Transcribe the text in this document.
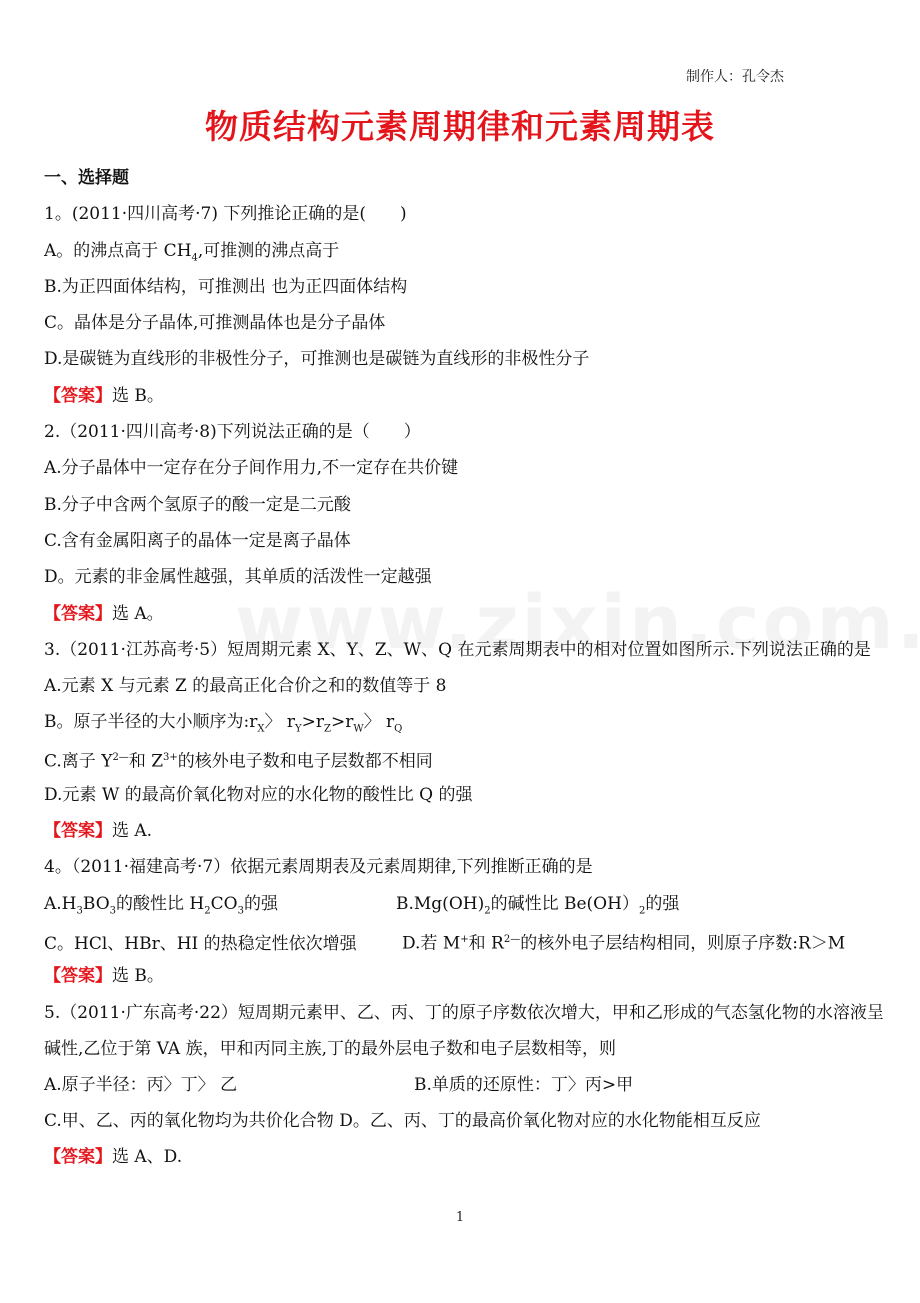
制作人：孔令杰
物质结构元素周期律和元素周期表
一、选择题
1。(2011·四川高考·7) 下列推论正确的是(　　)
A。的沸点高于 $CH_4$,可推测的沸点高于
B.为正四面体结构，可推测出 也为正四面体结构
C。晶体是分子晶体,可推测晶体也是分子晶体
D.是碳链为直线形的非极性分子，可推测也是碳链为直线形的非极性分子
【答案】选 B。
2.（2011·四川高考·8)下列说法正确的是（　　）
A.分子晶体中一定存在分子间作用力,不一定存在共价键
B.分子中含两个氢原子的酸一定是二元酸
C.含有金属阳离子的晶体一定是离子晶体
D。元素的非金属性越强，其单质的活泼性一定越强
【答案】选 A。
3.（2011·江苏高考·5）短周期元素 X、Y、Z、W、Q 在元素周期表中的相对位置如图所示.下列说法正确的是
A.元素 X 与元素 Z 的最高正化合价之和的数值等于 8
B。原子半径的大小顺序为$:r_X$〉 $r_Y>r_Z>r_W$〉 $r_Q$
C.离子 $Y^{2—}$和 $Z^{3+}$的核外电子数和电子层数都不相同
D.元素 W 的最高价氧化物对应的水化物的酸性比 Q 的强
【答案】选 A.
4。（2011·福建高考·7）依据元素周期表及元素周期律,下列推断正确的是
$A.H_3BO_3$的酸性比 $H_2CO_3$的强	$B.Mg(OH)_2$的碱性比 $Be(OH)_2$的强
C。HCl、HBr、HI 的热稳定性依次增强	D.若 M+和 $R^{2—}$的核外电子层结构相同，则原子序数:R＞M
【答案】选 B。
5.（2011·广东高考·22）短周期元素甲、乙、丙、丁的原子序数依次增大，甲和乙形成的气态氢化物的水溶液呈碱性,乙位于第 VA 族，甲和丙同主族,丁的最外层电子数和电子层数相等，则
A.原子半径：丙〉丁〉 乙	B.单质的还原性：丁〉丙>甲
C.甲、乙、丙的氧化物均为共价化合物 D。乙、丙、丁的最高价氧化物对应的水化物能相互反应
【答案】选 A、D.
1
